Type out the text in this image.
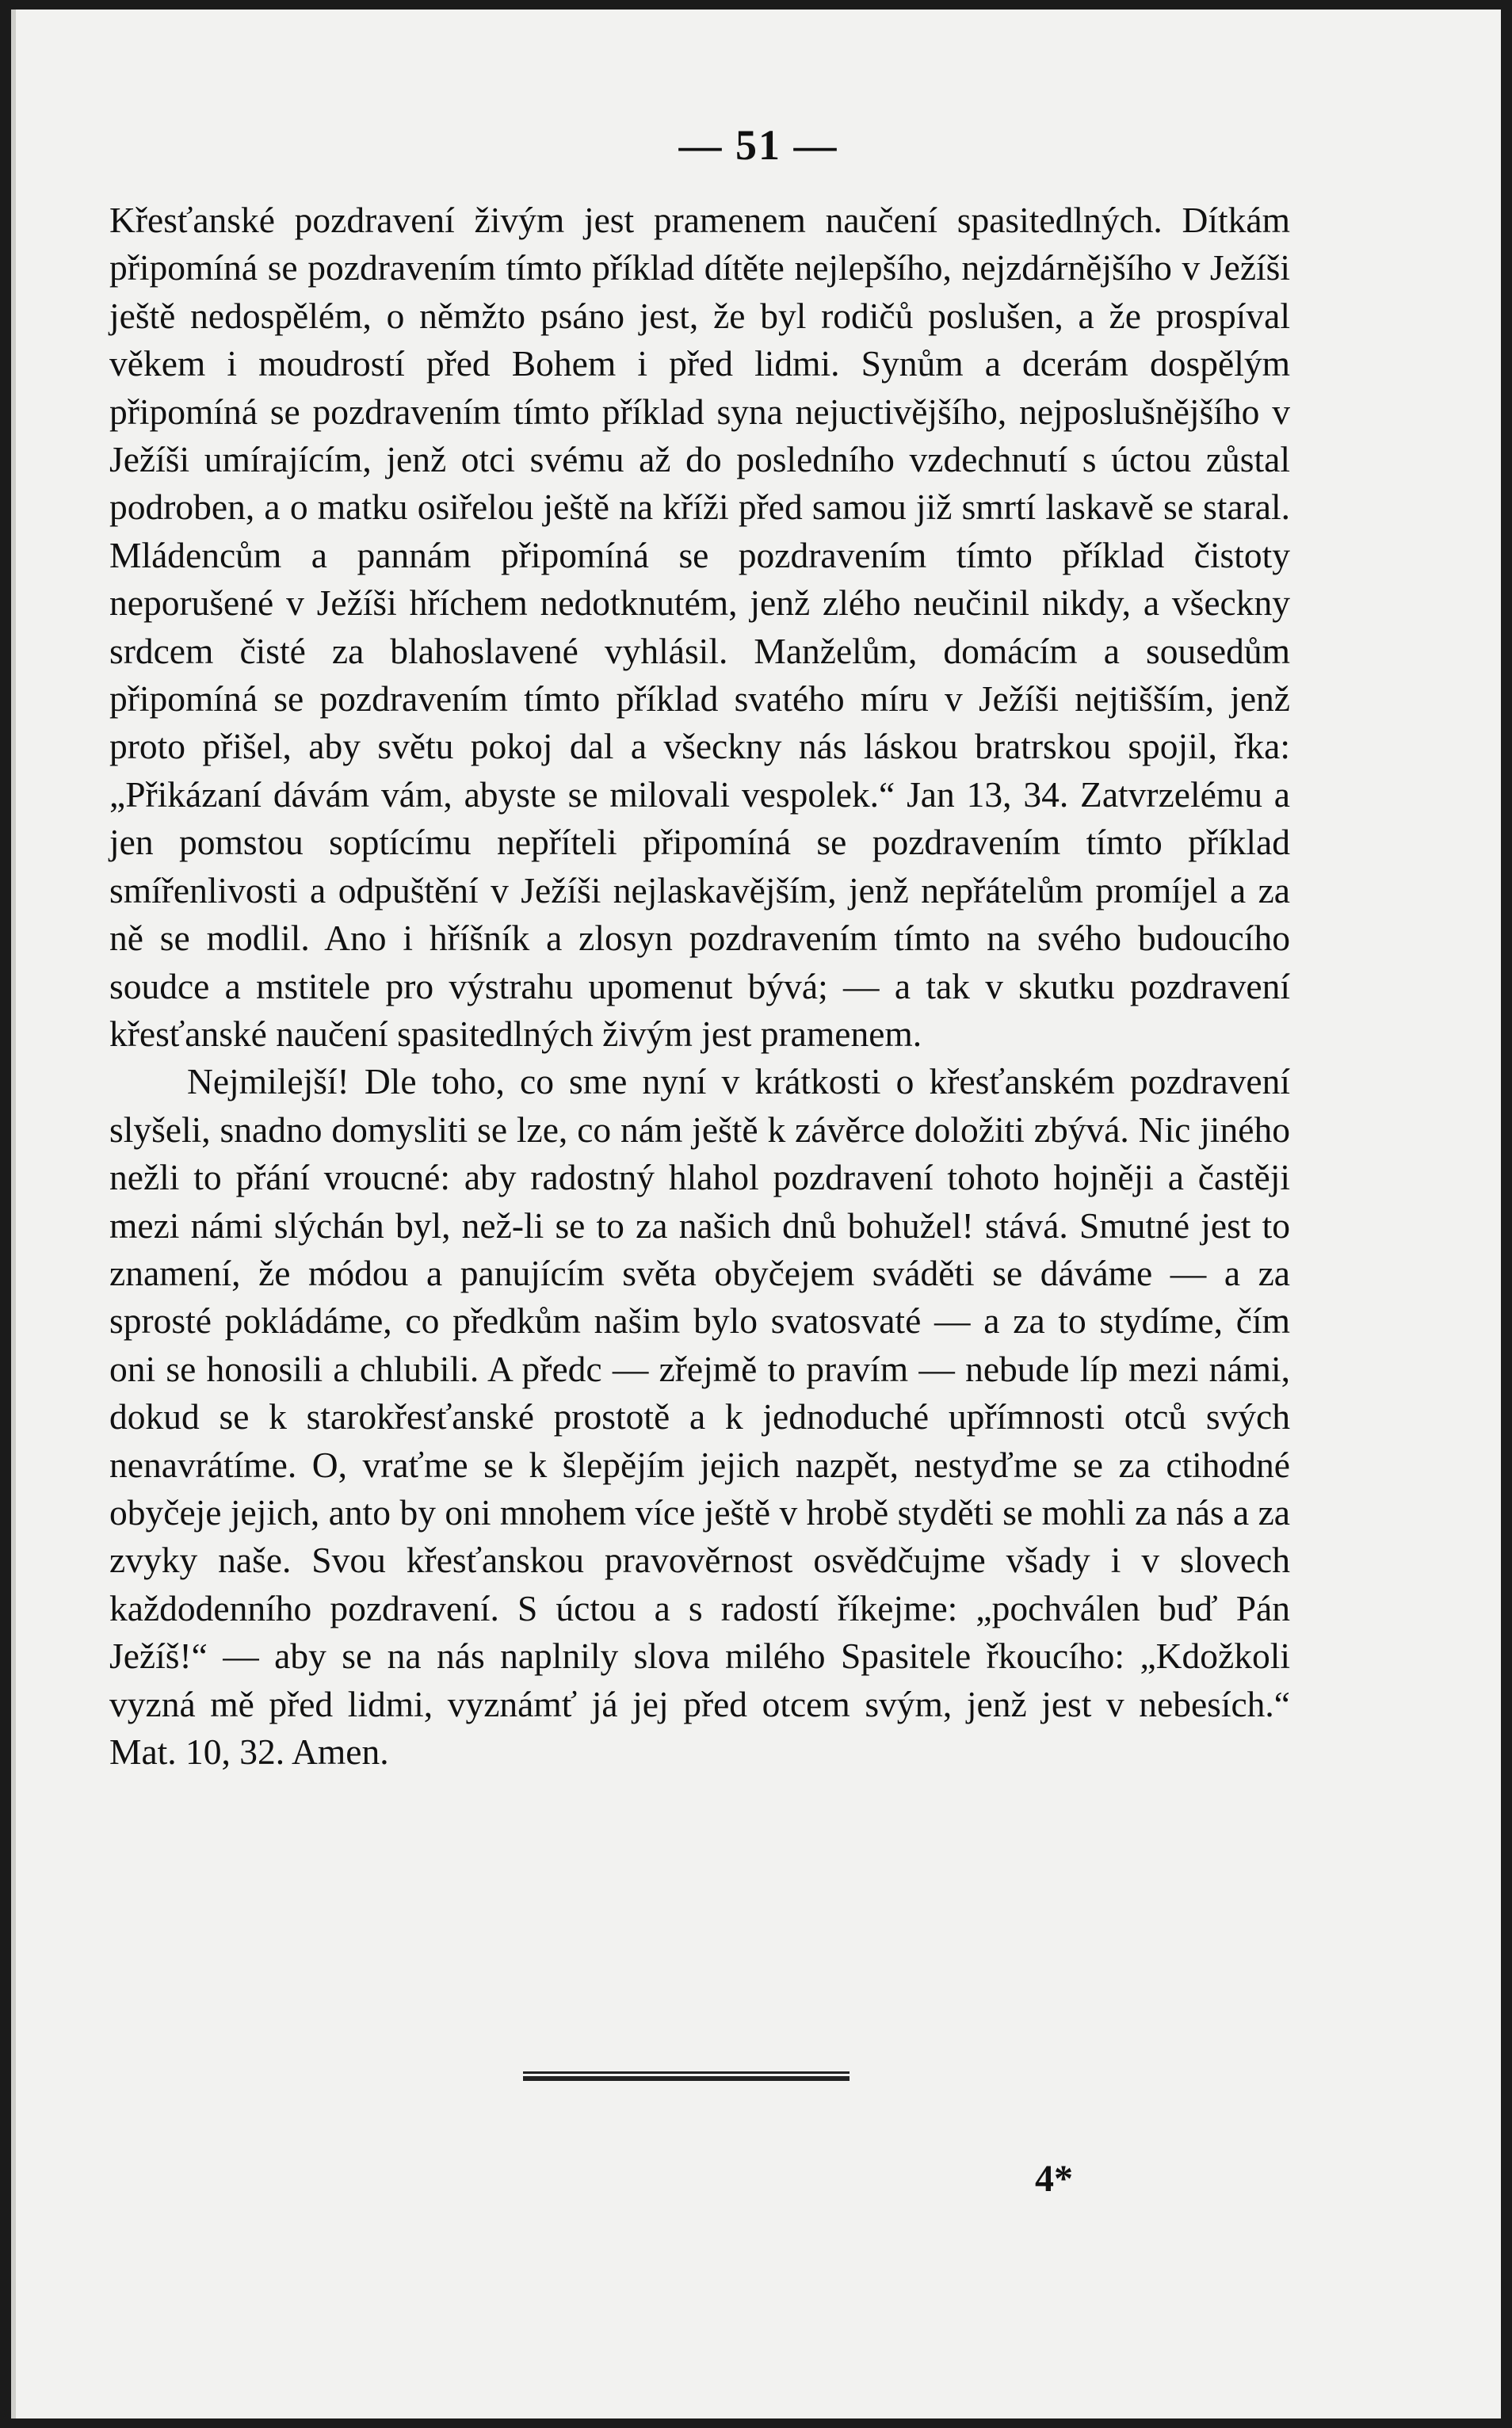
— 51 —

Křesťanské pozdravení živým jest pramenem naučení spasitedlných. Dítkám připomíná se pozdravením tímto příklad dítěte nejlepšího, nejzdárnějšího v Ježíši ještě nedospělém, o němžto psáno jest, že byl rodičů poslušen, a že prospíval věkem i moudrostí před Bohem i před lidmi. Synům a dcerám dospělým připomíná se pozdravením tímto příklad syna nejuctivějšího, nejposlušnějšího v Ježíši umírajícím, jenž otci svému až do posledního vzdechnutí s úctou zůstal podroben, a o matku osiřelou ještě na kříži před samou již smrtí laskavě se staral. Mládencům a pannám připomíná se pozdravením tímto příklad čistoty neporušené v Ježíši hříchem nedotknutém, jenž zlého neučinil nikdy, a všeckny srdcem čisté za blahoslavené vyhlásil. Manželům, domácím a sousedům připomíná se pozdravením tímto příklad svatého míru v Ježíši nejtišším, jenž proto přišel, aby světu pokoj dal a všeckny nás láskou bratrskou spojil, řka: „Přikázaní dávám vám, abyste se milovali vespolek.“ Jan 13, 34. Zatvrzelému a jen pomstou soptícímu nepříteli připomíná se pozdravením tímto příklad smířenlivosti a odpuštění v Ježíši nejlaskavějším, jenž nepřátelům promíjel a za ně se modlil. Ano i hříšník a zlosyn pozdravením tímto na svého budoucího soudce a mstitele pro výstrahu upomenut bývá; — a tak v skutku pozdravení křesťanské naučení spasitedlných živým jest pramenem.

Nejmilejší! Dle toho, co sme nyní v krátkosti o křesťanském pozdravení slyšeli, snadno domysliti se lze, co nám ještě k závěrce doložiti zbývá. Nic jiného nežli to přání vroucné: aby radostný hlahol pozdravení tohoto hojněji a častěji mezi námi slýchán byl, než-li se to za našich dnů bohužel! stává. Smutné jest to znamení, že módou a panujícím světa obyčejem sváděti se dáváme — a za sprosté pokládáme, co předkům našim bylo svatosvaté — a za to stydíme, čím oni se honosili a chlubili. A předc — zřejmě to pravím — nebude líp mezi námi, dokud se k starokřesťanské prostotě a k jednoduché upřímnosti otců svých nenavrátíme. O, vraťme se k šlepějím jejich nazpět, nestyďme se za ctihodné obyčeje jejich, anto by oni mnohem více ještě v hrobě styděti se mohli za nás a za zvyky naše. Svou křesťanskou pravověrnost osvědčujme všady i v slovech každodenního pozdravení. S úctou a s radostí říkejme: „pochválen buď Pán Ježíš!“ — aby se na nás naplnily slova milého Spasitele řkoucího: „Kdožkoli vyzná mě před lidmi, vyznámť já jej před otcem svým, jenž jest v nebesích.“ Mat. 10, 32. Amen.

4*
